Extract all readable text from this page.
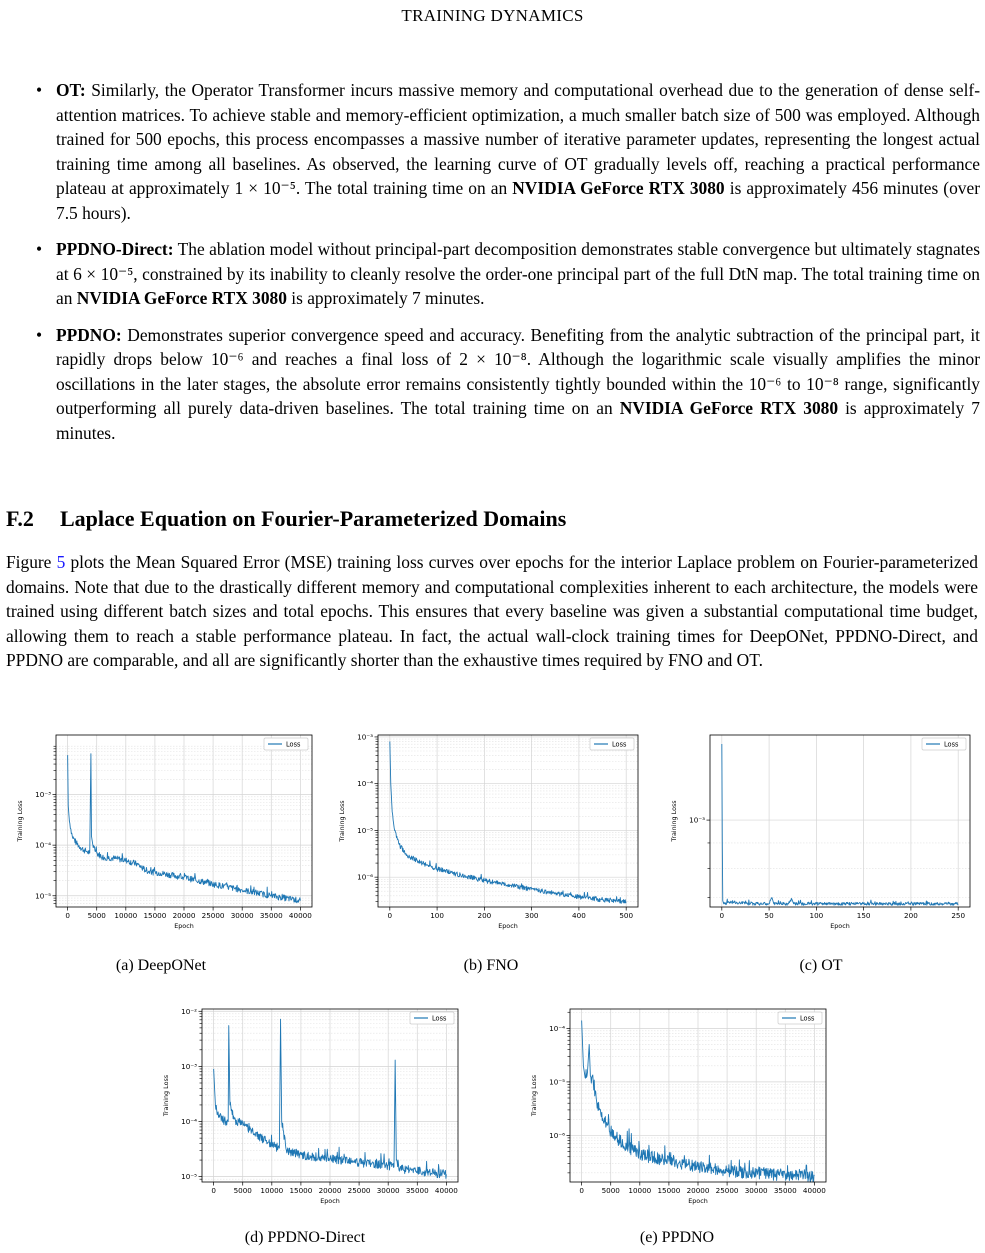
TRAINING DYNAMICS
• OT: Similarly, the Operator Transformer incurs massive memory and computational overhead due to the generation of dense self-attention matrices. To achieve stable and memory-efficient optimization, a much smaller batch size of 500 was employed. Although trained for 500 epochs, this process encompasses a massive number of iterative parameter updates, representing the longest actual training time among all baselines. As observed, the learning curve of OT gradually levels off, reaching a practical performance plateau at approximately 1 × 10⁻⁵. The total training time on an NVIDIA GeForce RTX 3080 is approximately 456 minutes (over 7.5 hours).
• PPDNO-Direct: The ablation model without principal-part decomposition demonstrates stable convergence but ultimately stagnates at 6 × 10⁻⁵, constrained by its inability to cleanly resolve the order-one principal part of the full DtN map. The total training time on an NVIDIA GeForce RTX 3080 is approximately 7 minutes.
• PPDNO: Demonstrates superior convergence speed and accuracy. Benefiting from the analytic subtraction of the principal part, it rapidly drops below 10⁻⁶ and reaches a final loss of 2 × 10⁻⁸. Although the logarithmic scale visually amplifies the minor oscillations in the later stages, the absolute error remains consistently tightly bounded within the 10⁻⁶ to 10⁻⁸ range, significantly outperforming all purely data-driven baselines. The total training time on an NVIDIA GeForce RTX 3080 is approximately 7 minutes.
F.2 Laplace Equation on Fourier-Parameterized Domains

Figure 5 plots the Mean Squared Error (MSE) training loss curves over epochs for the interior Laplace problem on Fourier-parameterized domains. Note that due to the drastically different memory and computational complexities inherent to each architecture, the models were trained using different batch sizes and total epochs. This ensures that every baseline was given a substantial computational time budget, allowing them to reach a stable performance plateau. In fact, the actual wall-clock training times for DeepONet, PPDNO-Direct, and PPDNO are comparable, and all are significantly shorter than the exhaustive times required by FNO and OT.

0 5000 10000 15000 20000 25000 30000 35000 40000
10⁻³
10⁻⁴
10⁻⁵
Epoch
Training Loss
Loss
0	100	200	300	400	500
10⁻³
10⁻⁴
10⁻⁵
10⁻⁶
Epoch
Training Loss
Loss
0	50	100	150	200	250
10⁻³
Epoch
Training Loss
Loss
0 5000 10000 15000 20000 25000 30000 35000 40000
10⁻²
10⁻³
10⁻⁴
10⁻⁵
Epoch
Training Loss
Loss
0 5000 10000 15000 20000 25000 30000 35000 40000
10⁻⁴
10⁻⁵
10⁻⁶
Epoch
Training Loss
Loss
(a) DeepONet	(b) FNO	(c) OT
(d) PPDNO-Direct	(e) PPDNO
